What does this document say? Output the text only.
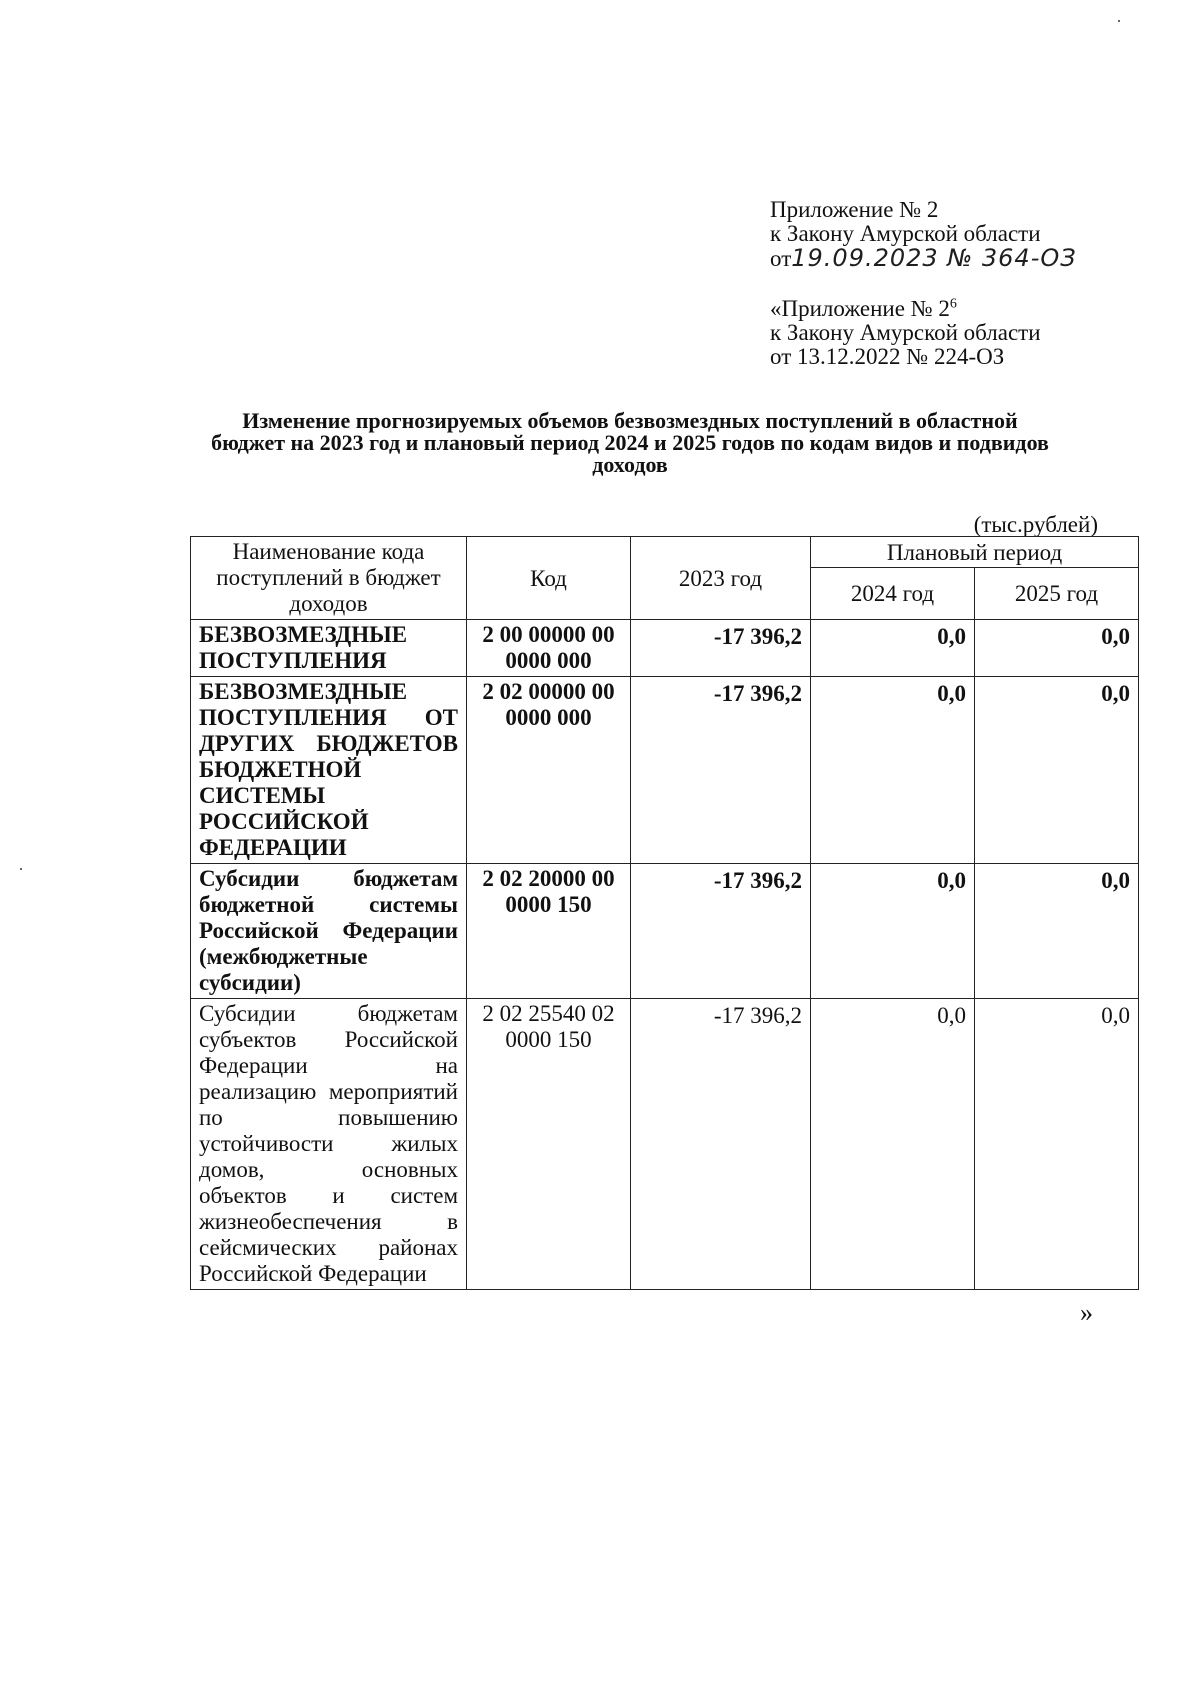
Приложение № 2
к Закону Амурской области
от19.09.2023 № 364-ОЗ
«Приложение № $2^6$
к Закону Амурской области
от 13.12.2022 № 224-ОЗ
Изменение прогнозируемых объемов безвозмездных поступлений в областной
бюджет на 2023 год и плановый период 2024 и 2025 годов по кодам видов и подвидов
доходов
(тыс.рублей)
Наименование кода поступлений в бюджет доходов	Код	2023 год	Плановый период	
			2024 год	2025 год
БЕЗВОЗМЕЗДНЫЕ ПОСТУПЛЕНИЯ	2 00 00000 00 0000 000	-17 396,2	0,0	0,0
БЕЗВОЗМЕЗДНЫЕ ПОСТУПЛЕНИЯ ОТ ДРУГИХ БЮДЖЕТОВ БЮДЖЕТНОЙ СИСТЕМЫ РОССИЙСКОЙ ФЕДЕРАЦИИ	2 02 00000 00 0000 000	-17 396,2	0,0	0,0
Субсидии бюджетам бюджетной системы Российской Федерации (межбюджетные субсидии)	2 02 20000 00 0000 150	-17 396,2	0,0	0,0
Субсидии бюджетам субъектов Российской Федерации на реализацию мероприятий по повышению устойчивости жилых домов, основных объектов и систем жизнеобеспечения в сейсмических районах Российской Федерации	2 02 25540 02 0000 150	-17 396,2	0,0	0,0
»
